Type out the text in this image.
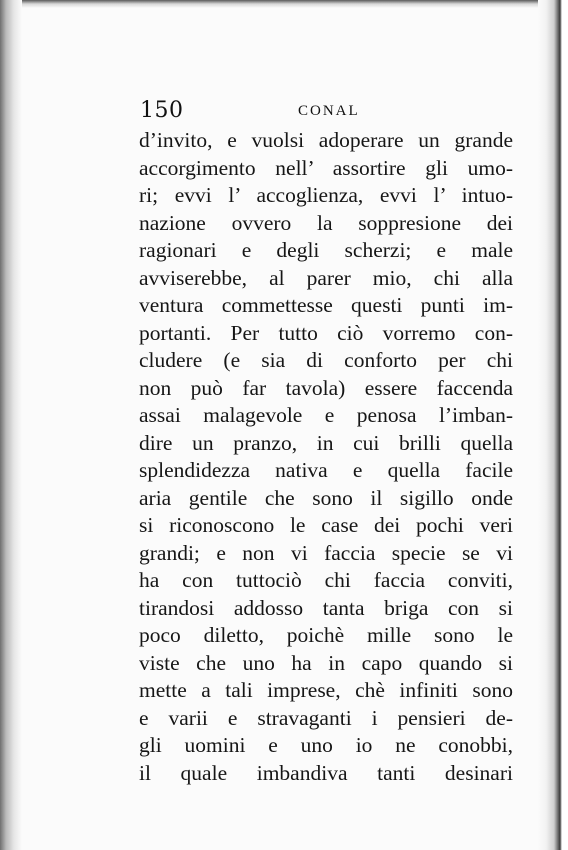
150	CONAL
d’invito, e vuolsi adoperare un grande
accorgimento nell’ assortire gli umo-
ri; evvi l’ accoglienza, evvi l’ intuo-
nazione ovvero la soppresione dei
ragionari e degli scherzi; e male
avviserebbe, al parer mio, chi alla
ventura commettesse questi punti im-
portanti. Per tutto ciò vorremo con-
cludere (e sia di conforto per chi
non può far tavola) essere faccenda
assai malagevole e penosa l’imban-
dire un pranzo, in cui brilli quella
splendidezza nativa e quella facile
aria gentile che sono il sigillo onde
si riconoscono le case dei pochi veri
grandi; e non vi faccia specie se vi
ha con tuttociò chi faccia conviti,
tirandosi addosso tanta briga con si
poco diletto, poichè mille sono le
viste che uno ha in capo quando si
mette a tali imprese, chè infiniti sono
e varii e stravaganti i pensieri de-
gli uomini e uno io ne conobbi,
il quale imbandiva tanti desinari
